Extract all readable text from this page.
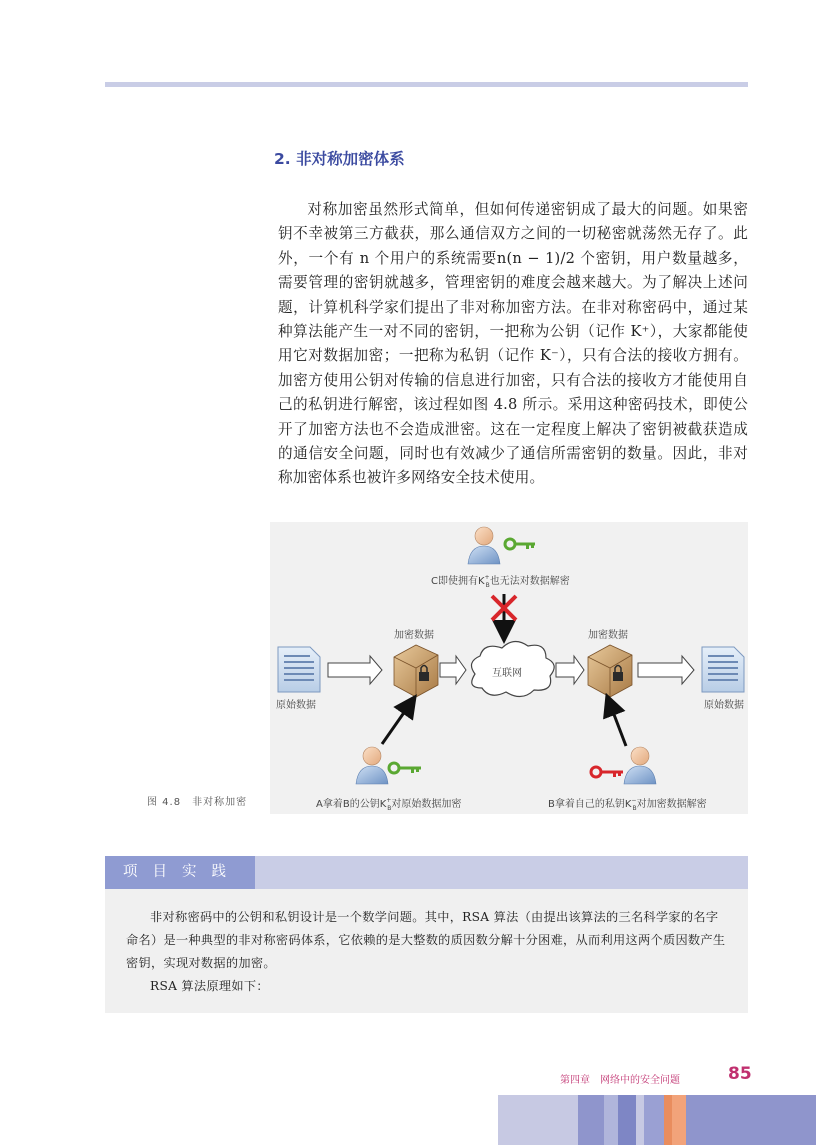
2. 非对称加密体系
对称加密虽然形式简单，但如何传递密钥成了最大的问题。如果密钥不幸被第三方截获，那么通信双方之间的一切秘密就荡然无存了。此外，一个有 n 个用户的系统需要n(n − 1)/2 个密钥，用户数量越多，需要管理的密钥就越多，管理密钥的难度会越来越大。为了解决上述问题，计算机科学家们提出了非对称加密方法。在非对称密码中，通过某种算法能产生一对不同的密钥，一把称为公钥（记作 K⁺），大家都能使用它对数据加密；一把称为私钥（记作 K⁻），只有合法的接收方拥有。加密方使用公钥对传输的信息进行加密，只有合法的接收方才能使用自己的私钥进行解密，该过程如图 4.8 所示。采用这种密码技术，即使公开了加密方法也不会造成泄密。这在一定程度上解决了密钥被截获造成的通信安全问题，同时也有效减少了通信所需密钥的数量。因此，非对称加密体系也被许多网络安全技术使用。
图 4.8　非对称加密
C即使拥有K+ B也无法对数据解密
原始数据
加密数据
互联网
加密数据
原始数据
A拿着B的公钥K+ B对原始数据加密	B拿着自己的私钥K− B对加密数据解密
项目实践

非对称密码中的公钥和私钥设计是一个数学问题。其中，RSA 算法（由提出该算法的三名科学家的名字命名）是一种典型的非对称密码体系，它依赖的是大整数的质因数分解十分困难，从而利用这两个质因数产生密钥，实现对数据的加密。

RSA 算法原理如下：

第四章　网络中的安全问题	85
